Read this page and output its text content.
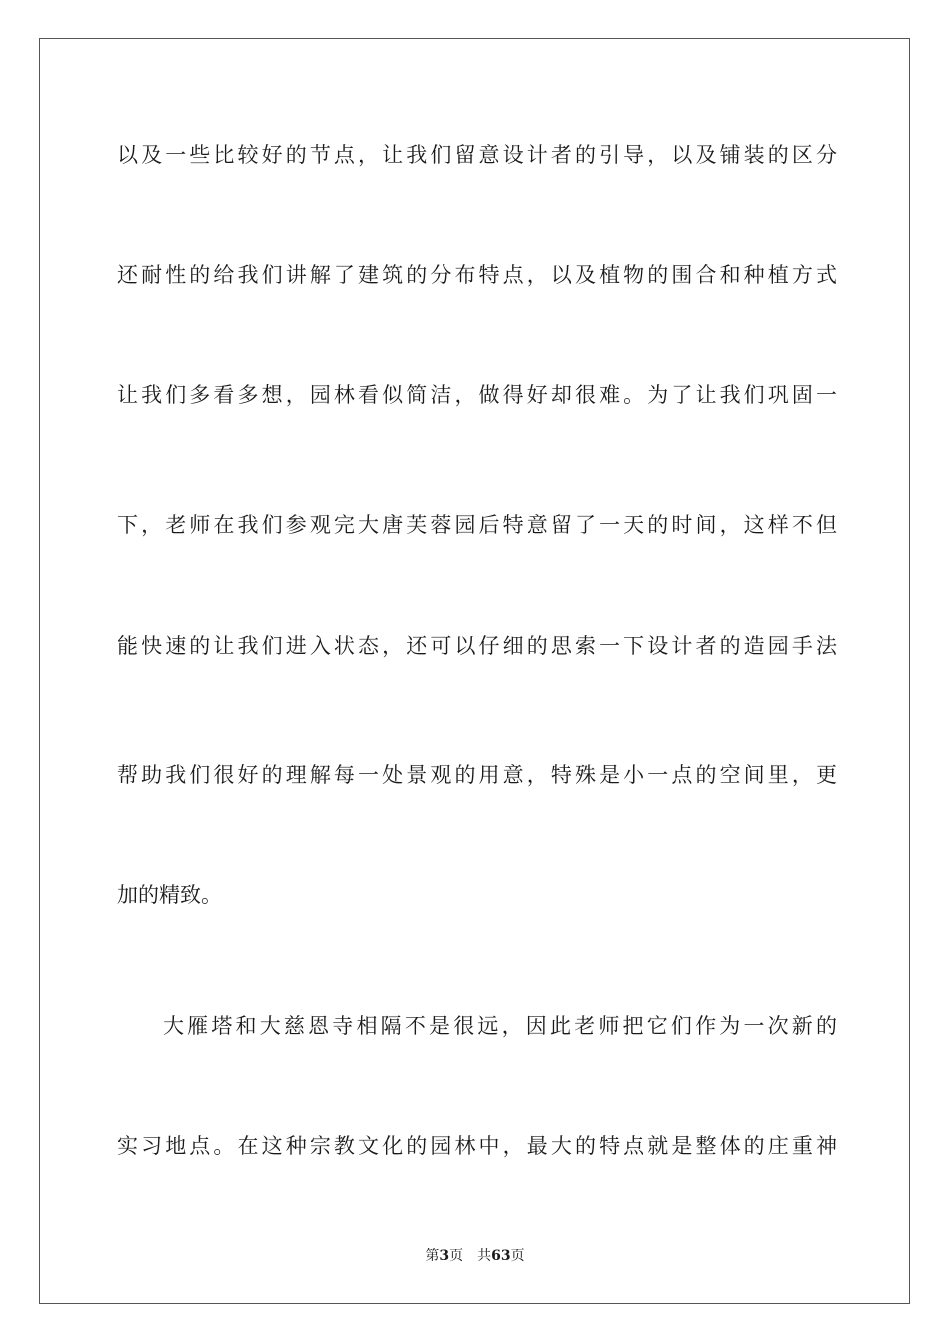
以及一些比较好的节点，让我们留意设计者的引导，以及铺装的区分
还耐性的给我们讲解了建筑的分布特点，以及植物的围合和种植方式
让我们多看多想，园林看似简洁，做得好却很难。为了让我们巩固一
下，老师在我们参观完大唐芙蓉园后特意留了一天的时间，这样不但
能快速的让我们进入状态，还可以仔细的思索一下设计者的造园手法
帮助我们很好的理解每一处景观的用意，特殊是小一点的空间里，更
加的精致。
大雁塔和大慈恩寺相隔不是很远，因此老师把它们作为一次新的
实习地点。在这种宗教文化的园林中，最大的特点就是整体的庄重神
第3页 共63页
